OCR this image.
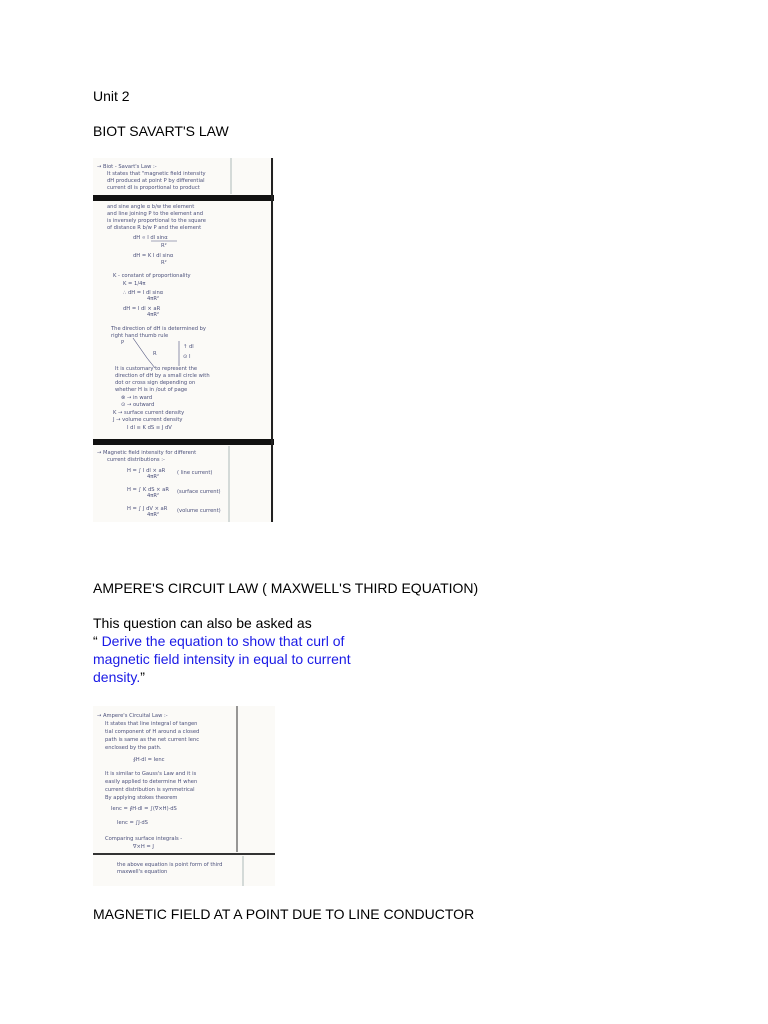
Unit 2
BIOT SAVART'S LAW
→ Biot - Savart's Law :-
It states that "magnetic field intensity
dH produced at point P by differential
current dI is proportional to product
and sine angle α b/w the element
and line joining P to the element and
is inversely proportional to the square
of distance R b/w P and the element
dH ∝ I dl sinα
R²
dH = K I dl sinα
R²
K - constant of proportionality
K = 1/4π
∴ dH = I dl sinα
4πR²
dH = I dl × aR
4πR²
The direction of dH is determined by
right hand thumb rule
↑ dl
⊙ I
P
R
It is customary to represent the
direction of dH by a small circle with
dot or cross sign depending on
whether H is in /out of page
⊗ → in ward
⊙ → outward
K → surface current density
J → volume current density
I dl ≡ K dS ≡ J dV
→ Magnetic field intensity for different
current distributions :-
H = ∫ I dl × aR
4πR²
( line current)
H = ∫ K dS × aR
4πR²
(surface current)
H = ∫ J dV × aR
4πR²
(volume current)
AMPERE'S CIRCUIT LAW ( MAXWELL'S THIRD EQUATION)
This question can also be asked as
“ Derive the equation to show that curl of
magnetic field intensity in equal to current
density.”
→ Ampere's Circuital Law :-
It states that line integral of tangen
tial component of H around a closed
path is same as the net current Ienc
enclosed by the path.
∮H·dl = Ienc
It is similar to Gauss's Law and it is
easily applied to determine H when
current distribution is symmetrical
By applying stokes theorem
Ienc = ∮H·dl = ∫(∇×H)·dS
Ienc = ∫J·dS
Comparing surface integrals -
∇×H = J
the above equation is point form of third
maxwell's equation
MAGNETIC FIELD AT A POINT DUE TO LINE CONDUCTOR
